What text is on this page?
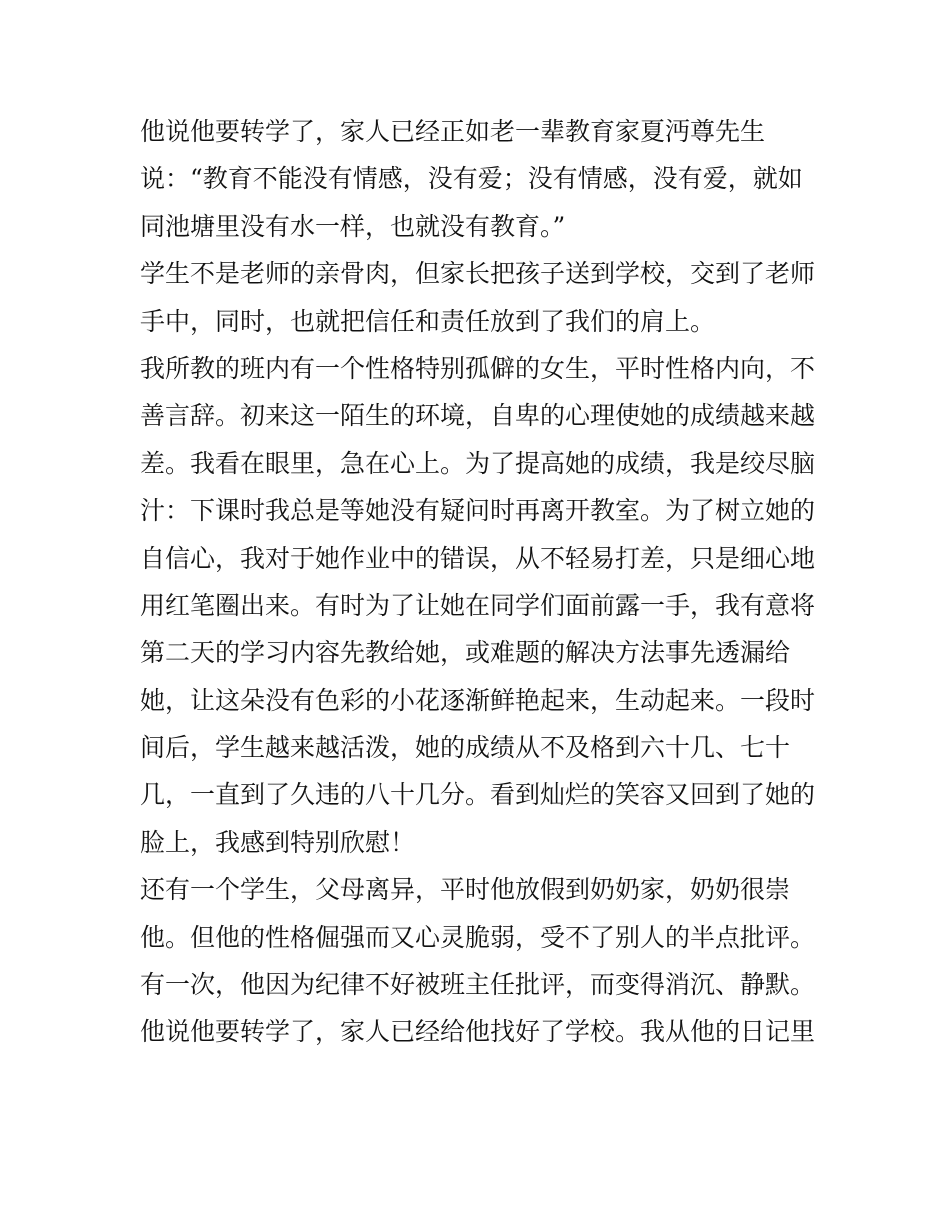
他说他要转学了，家人已经正如老一辈教育家夏沔尊先生
说：“教育不能没有情感，没有爱；没有情感，没有爱，就如
同池塘里没有水一样，也就没有教育。”
学生不是老师的亲骨肉，但家长把孩子送到学校，交到了老师
手中，同时，也就把信任和责任放到了我们的肩上。
我所教的班内有一个性格特别孤僻的女生，平时性格内向，不
善言辞。初来这一陌生的环境，自卑的心理使她的成绩越来越
差。我看在眼里，急在心上。为了提高她的成绩，我是绞尽脑
汁：下课时我总是等她没有疑问时再离开教室。为了树立她的
自信心，我对于她作业中的错误，从不轻易打差，只是细心地
用红笔圈出来。有时为了让她在同学们面前露一手，我有意将
第二天的学习内容先教给她，或难题的解决方法事先透漏给
她，让这朵没有色彩的小花逐渐鲜艳起来，生动起来。一段时
间后，学生越来越活泼，她的成绩从不及格到六十几、七十
几，一直到了久违的八十几分。看到灿烂的笑容又回到了她的
脸上，我感到特别欣慰！
还有一个学生，父母离异，平时他放假到奶奶家，奶奶很崇
他。但他的性格倔强而又心灵脆弱，受不了别人的半点批评。
有一次，他因为纪律不好被班主任批评，而变得消沉、静默。
他说他要转学了，家人已经给他找好了学校。我从他的日记里
